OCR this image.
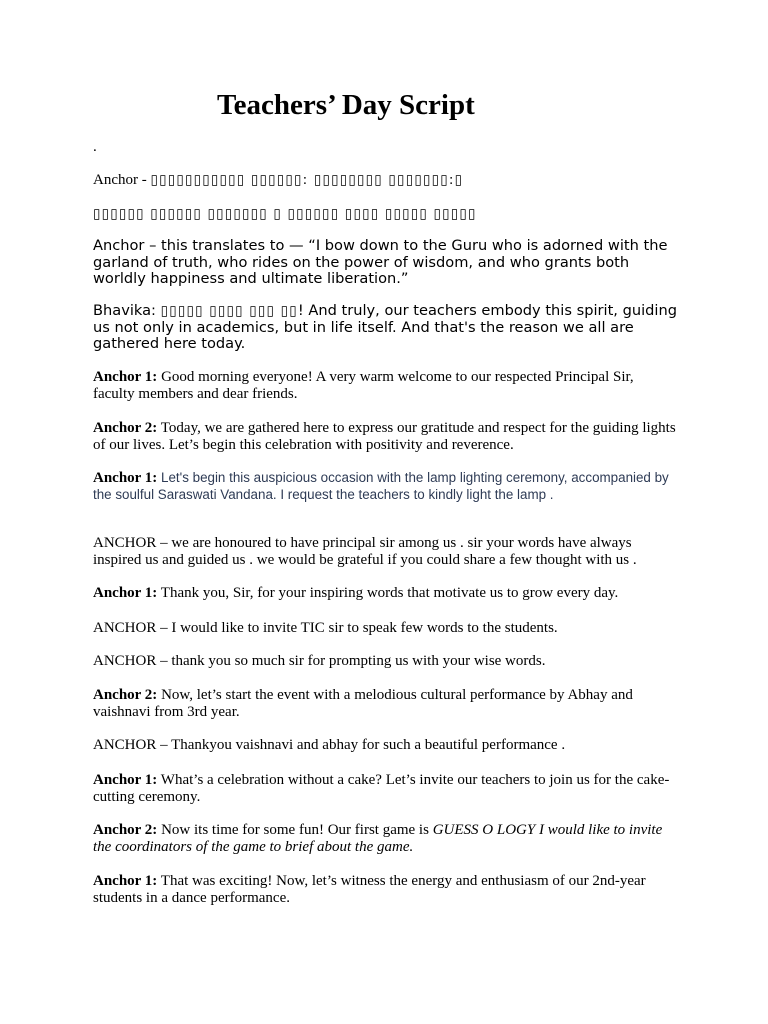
Teachers’ Day Script
.
Anchor - ▯▯▯▯▯▯▯▯▯▯▯ ▯▯▯▯▯▯: ▯▯▯▯▯▯▯▯ ▯▯▯▯▯▯▯:▯
▯▯▯▯▯▯ ▯▯▯▯▯▯ ▯▯▯▯▯▯▯ ▯ ▯▯▯▯▯▯ ▯▯▯▯ ▯▯▯▯▯ ▯▯▯▯▯
Anchor – this translates to — “I bow down to the Guru who is adorned with the garland of truth, who rides on the power of wisdom, and who grants both worldly happiness and ultimate liberation.”
Bhavika: ▯▯▯▯▯ ▯▯▯▯ ▯▯▯ ▯▯! And truly, our teachers embody this spirit, guiding us not only in academics, but in life itself. And that's the reason we all are gathered here today.
Anchor 1: Good morning everyone! A very warm welcome to our respected Principal Sir, faculty members and dear friends.
Anchor 2: Today, we are gathered here to express our gratitude and respect for the guiding lights of our lives. Let’s begin this celebration with positivity and reverence.
Anchor 1: Let's begin this auspicious occasion with the lamp lighting ceremony, accompanied by the soulful Saraswati Vandana. I request the teachers to kindly light the lamp .
ANCHOR – we are honoured to have principal sir among us . sir your words have always inspired us and guided us . we would be grateful if you could share a few thought with us .
Anchor 1: Thank you, Sir, for your inspiring words that motivate us to grow every day.
ANCHOR – I would like to invite TIC sir to speak few words to the students.
ANCHOR – thank you so much sir for prompting us with your wise words.
Anchor 2: Now, let’s start the event with a melodious cultural performance by Abhay and vaishnavi from 3rd year.
ANCHOR – Thankyou vaishnavi and abhay for such a beautiful performance .
Anchor 1: What’s a celebration without a cake? Let’s invite our teachers to join us for the cake-cutting ceremony.
Anchor 2: Now its time for some fun! Our first game is GUESS O LOGY I would like to invite the coordinators of the game to brief about the game.
Anchor 1: That was exciting! Now, let’s witness the energy and enthusiasm of our 2nd-year students in a dance performance.
